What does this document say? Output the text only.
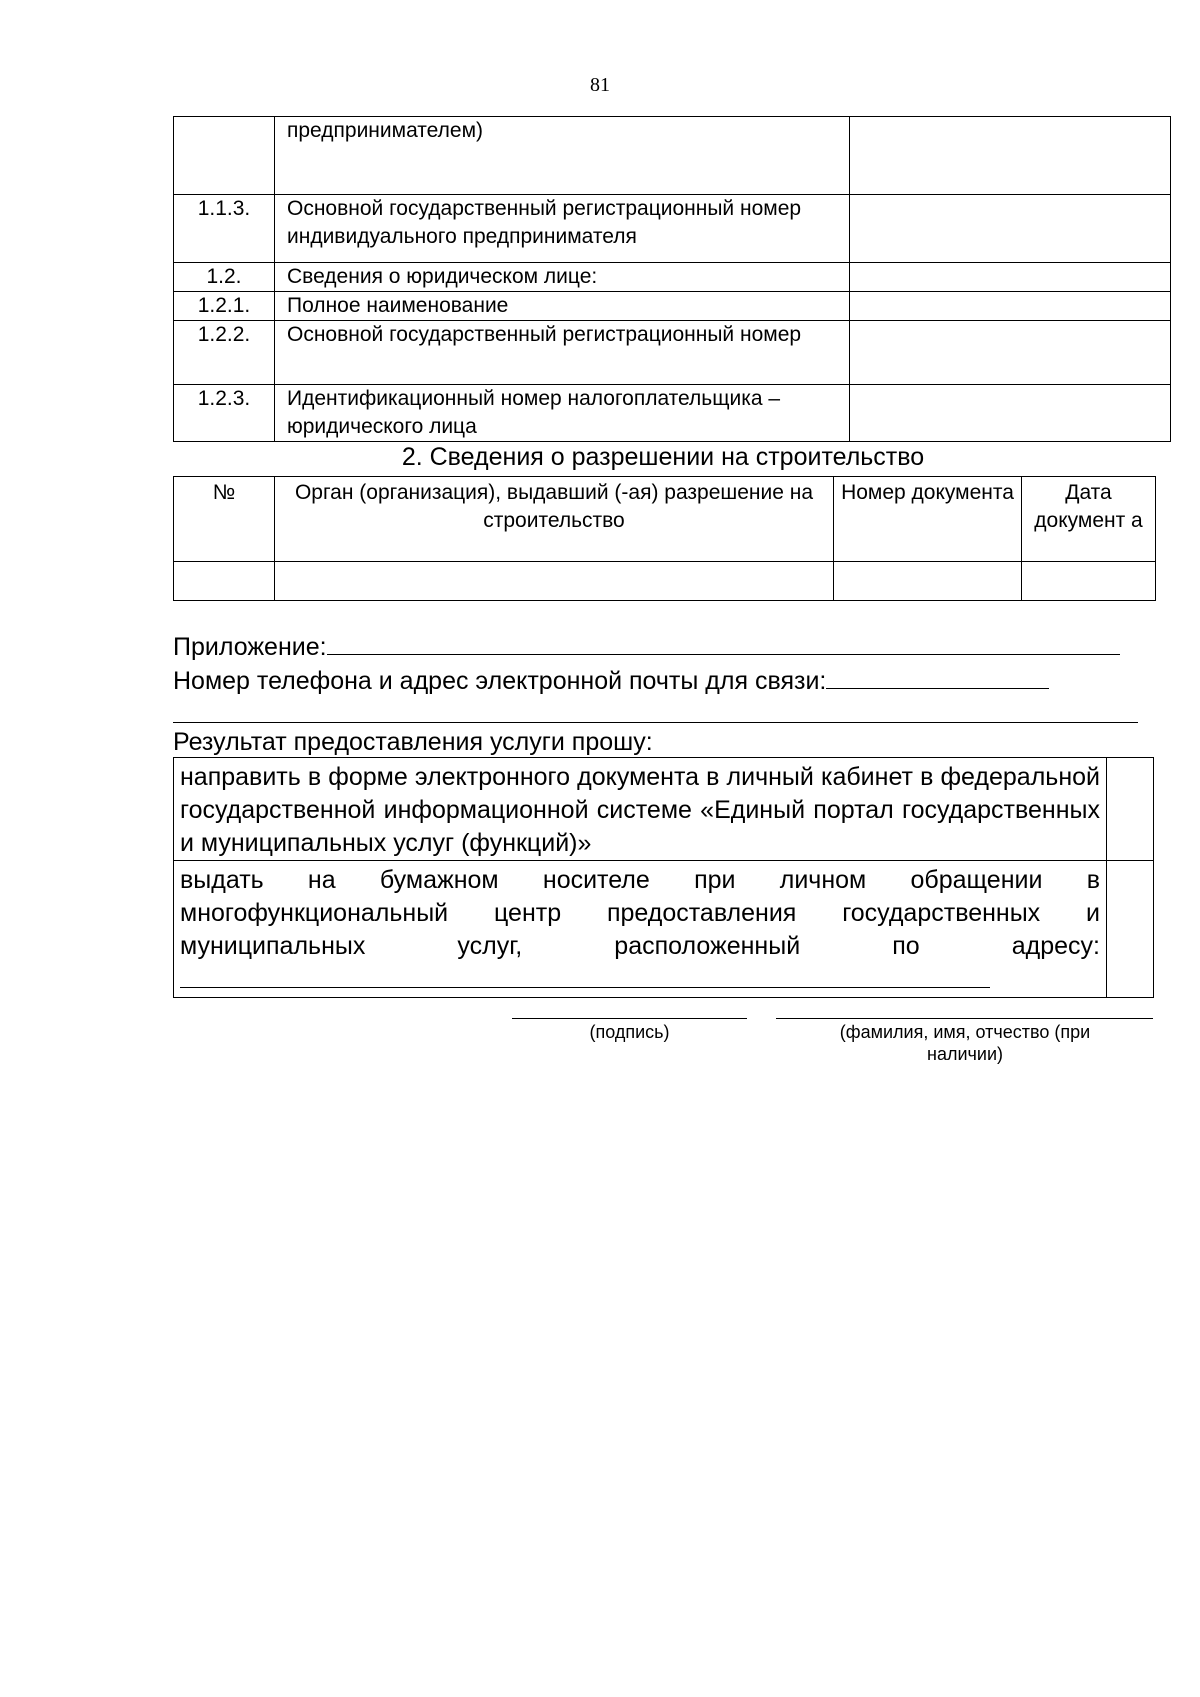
81
	предпринимателем)	
1.1.3.	Основной государственный регистрационный номер индивидуального предпринимателя	
1.2.	Сведения о юридическом лице:	
1.2.1.	Полное наименование	
1.2.2.	Основной государственный регистрационный номер	
1.2.3.	Идентификационный номер налогоплательщика – юридического лица	
2. Сведения о разрешении на строительство
№	Орган (организация), выдавший (-ая) разрешение на строительство	Номер документа	Дата документ а

Приложение:
Номер телефона и адрес электронной почты для связи:
Результат предоставления услуги прошу:
направить в форме электронного документа в личный кабинет в федеральной государственной информационной системе «Единый портал государственных и муниципальных услуг (функций)»	
выдать на бумажном носителе при личном обращении в многофункциональный центр предоставления государственных и муниципальных услуг, расположенный по адресу:	
(подпись)	(фамилия, имя, отчество (при наличии)
